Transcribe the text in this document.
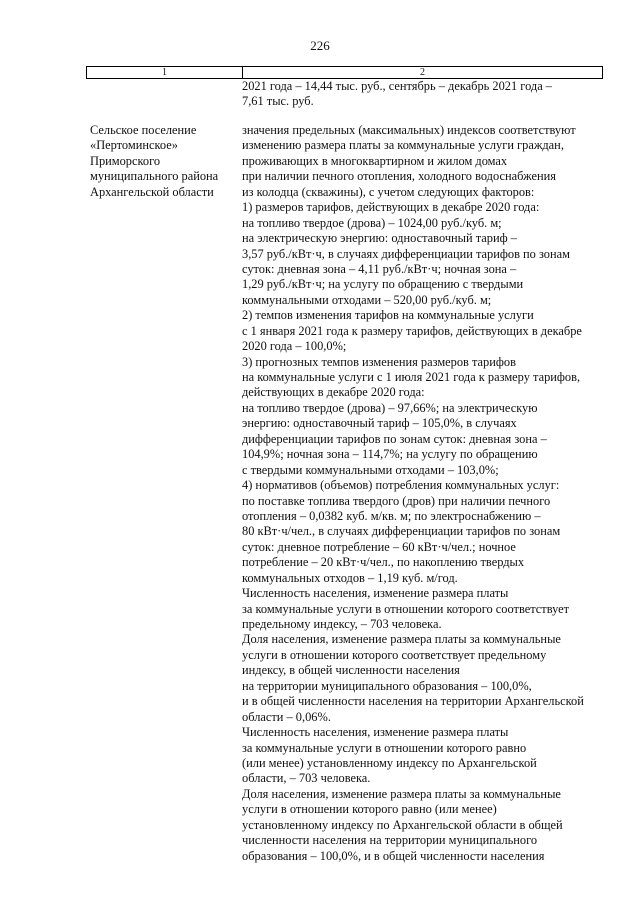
226
1	2
2021 года – 14,44 тыс. руб., сентябрь – декабрь 2021 года –
7,61 тыс. руб.
Сельское поселение
«Пертоминское»
Приморского
муниципального района
Архангельской области
значения предельных (максимальных) индексов соответствуют
изменению размера платы за коммунальные услуги граждан,
проживающих в многоквартирном и жилом домах
при наличии печного отопления, холодного водоснабжения
из колодца (скважины), с учетом следующих факторов:
1) размеров тарифов, действующих в декабре 2020 года:
на топливо твердое (дрова) – 1024,00 руб./куб. м;
на электрическую энергию: одноставочный тариф –
3,57 руб./кВт·ч, в случаях дифференциации тарифов по зонам
суток: дневная зона – 4,11 руб./кВт·ч; ночная зона –
1,29 руб./кВт·ч; на услугу по обращению с твердыми
коммунальными отходами – 520,00 руб./куб. м;
2) темпов изменения тарифов на коммунальные услуги
с 1 января 2021 года к размеру тарифов, действующих в декабре
2020 года – 100,0%;
3) прогнозных темпов изменения размеров тарифов
на коммунальные услуги с 1 июля 2021 года к размеру тарифов,
действующих в декабре 2020 года:
на топливо твердое (дрова) – 97,66%; на электрическую
энергию: одноставочный тариф – 105,0%, в случаях
дифференциации тарифов по зонам суток: дневная зона –
104,9%; ночная зона – 114,7%; на услугу по обращению
с твердыми коммунальными отходами – 103,0%;
4) нормативов (объемов) потребления коммунальных услуг:
по поставке топлива твердого (дров) при наличии печного
отопления – 0,0382 куб. м/кв. м; по электроснабжению –
80 кВт·ч/чел., в случаях дифференциации тарифов по зонам
суток: дневное потребление – 60 кВт·ч/чел.; ночное
потребление – 20 кВт·ч/чел., по накоплению твердых
коммунальных отходов – 1,19 куб. м/год.
Численность населения, изменение размера платы
за коммунальные услуги в отношении которого соответствует
предельному индексу, – 703 человека.
Доля населения, изменение размера платы за коммунальные
услуги в отношении которого соответствует предельному
индексу, в общей численности населения
на территории муниципального образования – 100,0%,
и в общей численности населения на территории Архангельской
области – 0,06%.
Численность населения, изменение размера платы
за коммунальные услуги в отношении которого равно
(или менее) установленному индексу по Архангельской
области, – 703 человека.
Доля населения, изменение размера платы за коммунальные
услуги в отношении которого равно (или менее)
установленному индексу по Архангельской области в общей
численности населения на территории муниципального
образования – 100,0%, и в общей численности населения
